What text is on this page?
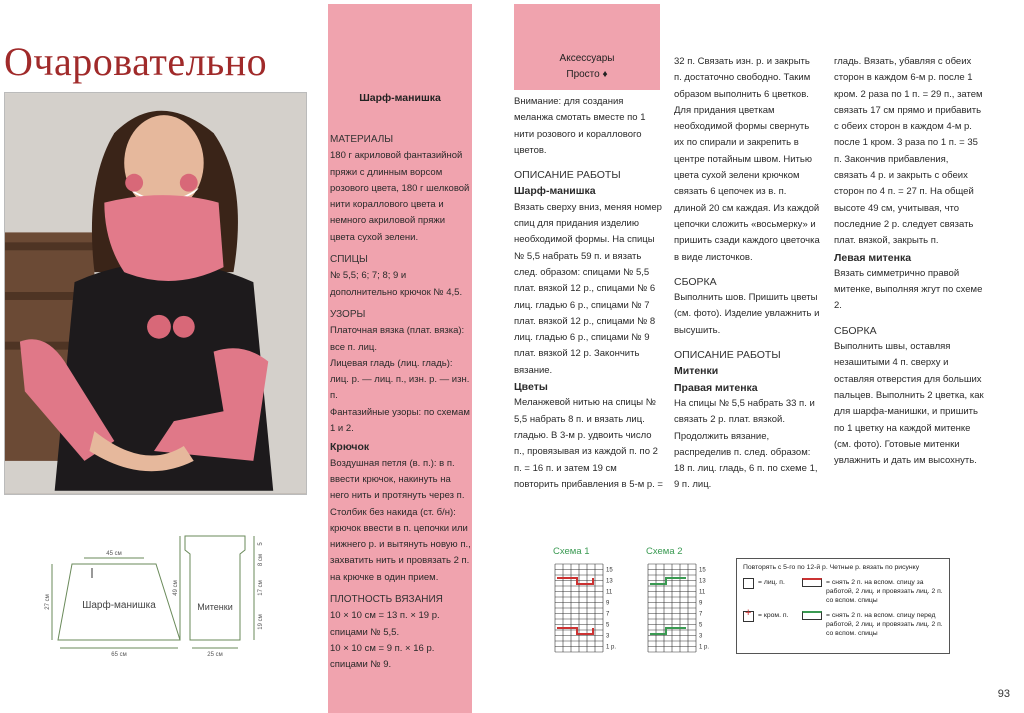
Очаровательно
45 см
65 см
27 см	Шарф-манишка	Митенки
49 см
25 см
5
8 см
17 см
19 см
Шарф-манишка
МАТЕРИАЛЫ
180 г акриловой фантазийной пряжи с длинным ворсом розового цвета, 180 г шелковой нити кораллового цвета и немного акриловой пряжи цвета сухой зелени.
СПИЦЫ
№ 5,5; 6; 7; 8; 9 и дополнительно крючок № 4,5.
УЗОРЫ
Платочная вязка (плат. вязка): все п. лиц.
Лицевая гладь (лиц. гладь): лиц. р. — лиц. п., изн. р. — изн. п.
Фантазийные узоры: по схемам 1 и 2.
Крючок
Воздушная петля (в. п.): в п. ввести крючок, накинуть на него нить и протянуть через п.
Столбик без накида (ст. б/н): крючок ввести в п. цепочки или нижнего р. и вытянуть новую п., захватить нить и провязать 2 п. на крючке в один прием.
ПЛОТНОСТЬ ВЯЗАНИЯ
10 × 10 см = 13 п. × 19 р. спицами № 5,5.
10 × 10 см = 9 п. × 16 р. спицами № 9.
Аксессуары
Просто ♦
Внимание: для создания меланжа смотать вместе по 1 нити розового и кораллового цветов.
ОПИСАНИЕ РАБОТЫ
Шарф-манишка
Вязать сверху вниз, меняя номер спиц для придания изделию необходимой формы. На спицы № 5,5 набрать 59 п. и вязать след. образом: спицами № 5,5 плат. вязкой 12 р., спицами № 6 лиц. гладью 6 р., спицами № 7 плат. вязкой 12 р., спицами № 8 лиц. гладью 6 р., спицами № 9 плат. вязкой 12 р. Закончить вязание.
Цветы
Меланжевой нитью на спицы № 5,5 набрать 8 п. и вязать лиц. гладью. В 3-м р. удвоить число п., провязывая из каждой п. по 2 п. = 16 п. и затем 19 см повторить прибавления в 5-м р. =
32 п. Связать изн. р. и закрыть п. достаточно свободно. Таким образом выполнить 6 цветков. Для придания цветкам необходимой формы свернуть их по спирали и закрепить в центре потайным швом. Нитью цвета сухой зелени крючком связать 6 цепочек из в. п. длиной 20 см каждая. Из каждой цепочки сложить «восьмерку» и пришить сзади каждого цветочка в виде листочков.
СБОРКА
Выполнить шов. Пришить цветы (см. фото). Изделие увлажнить и высушить.
ОПИСАНИЕ РАБОТЫ
Митенки
Правая митенка
На спицы № 5,5 набрать 33 п. и связать 2 р. плат. вязкой. Продолжить вязание, распределив п. след. образом: 18 п. лиц. гладь, 6 п. по схеме 1, 9 п. лиц.
гладь. Вязать, убавляя с обеих сторон в каждом 6-м р. после 1 кром. 2 раза по 1 п. = 29 п., затем связать 17 см прямо и прибавить с обеих сторон в каждом 4-м р. после 1 кром. 3 раза по 1 п. = 35 п. Закончив прибавления, связать 4 р. и закрыть с обеих сторон по 4 п. = 27 п. На общей высоте 49 см, учитывая, что последние 2 р. следует связать плат. вязкой, закрыть п.
Левая митенка
Вязать симметрично правой митенке, выполняя жгут по схеме 2.
СБОРКА
Выполнить швы, оставляя незашитыми 4 п. сверху и оставляя отверстия для больших пальцев. Выполнить 2 цветка, как для шарфа-манишки, и пришить по 1 цветку на каждой митенке (см. фото). Готовые митенки увлажнить и дать им высохнуть.
Схема 1	Схема 2
15
13
11
9
7
5
3
1 р.
15
13
11
9
7
5
3
1 р.
Повторять с 5-го по 12-й р. Четные р. вязать по рисунку
= лиц. п.	= снять 2 п. на вспом. спицу за работой, 2 лиц. и провязать лиц. 2 п. со вспом. спицы
+
= кром. п.	= снять 2 п. на вспом. спицу перед работой, 2 лиц. и провязать лиц. 2 п. со вспом. спицы
93
